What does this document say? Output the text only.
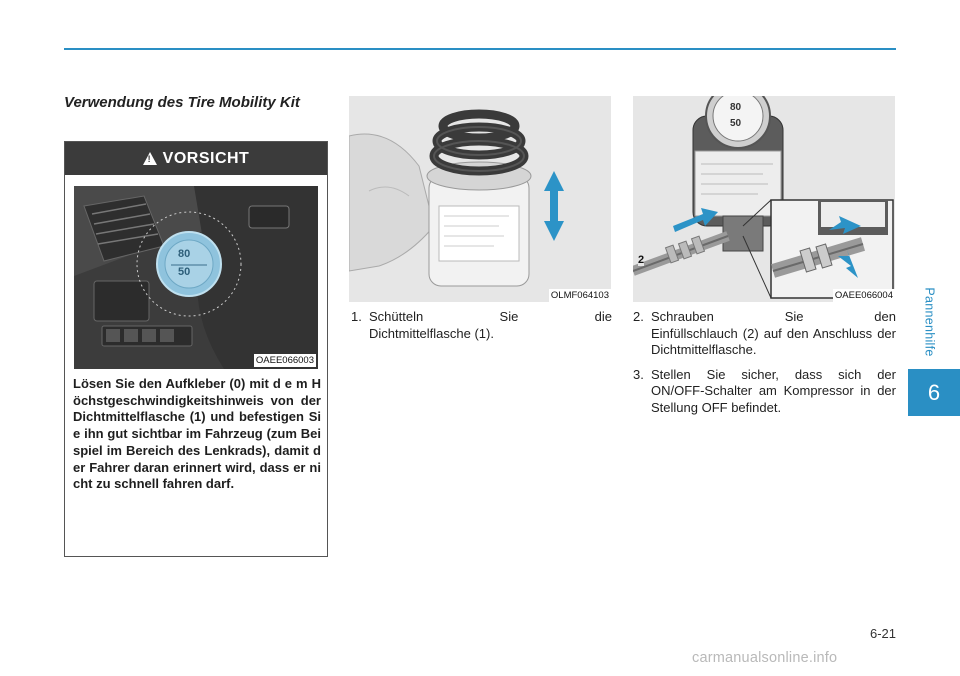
Verwendung des Tire Mobility Kit
!
VORSICHT
80
50
OAEE066003
Lösen Sie den Aufkleber (0) mit d e m Höchstgeschwindigkeitshinweis von der Dichtmittelflasche (1) und befestigen Sie ihn gut sichtbar im Fahrzeug (zum Beispiel im Bereich des Lenkrads), damit der Fahrer daran erinnert wird, dass er nicht zu schnell fahren darf.
OLMF064103
2
80
50
OAEE066004
1. Schütteln Sie die
Dichtmittelflasche (1).
2. Schrauben Sie den
Einfüllschlauch (2) auf den Anschluss der Dichtmittelflasche.
3. Stellen Sie sicher, dass sich der
ON/OFF-Schalter am Kompressor in der Stellung OFF befindet.
Pannenhilfe
6
6-21
carmanualsonline.info
